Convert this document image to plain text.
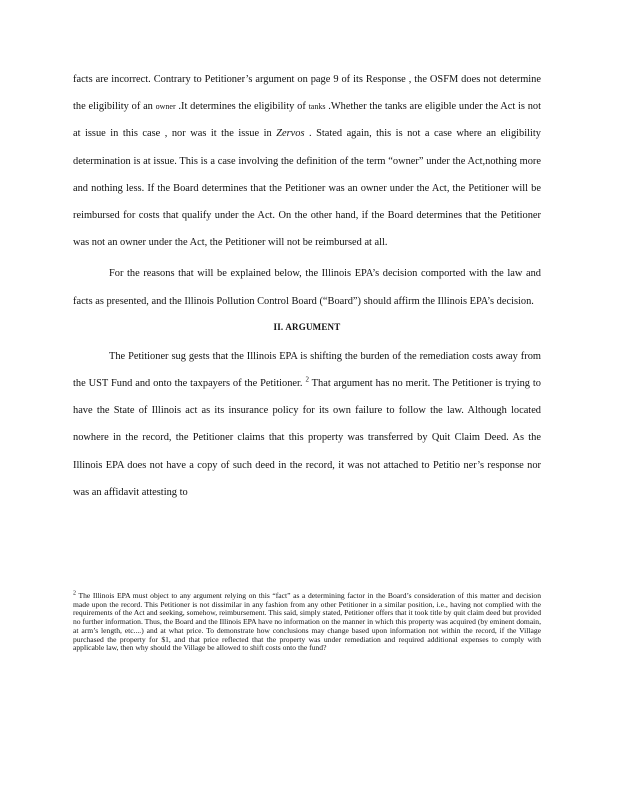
facts are incorrect. Contrary to Petitioner’s argument on page 9 of its Response , the OSFM does not determine the eligibility of an owner .It determines the eligibility of tanks .Whether the tanks are eligible under the Act is not at issue in this case , nor was it the issue in Zervos . Stated again, this is not a case where an eligibility determination is at issue. This is a case involving the definition of the term “owner” under the Act,nothing more and nothing less. If the Board determines that the Petitioner was an owner under the Act, the Petitioner will be reimbursed for costs that qualify under the Act. On the other hand, if the Board determines that the Petitioner was not an owner under the Act, the Petitioner will not be reimbursed at all.

For the reasons that will be explained below, the Illinois EPA’s decision comported with the law and facts as presented, and the Illinois Pollution Control Board (“Board”) should affirm the Illinois EPA’s decision.

II. ARGUMENT

The Petitioner sug gests that the Illinois EPA is shifting the burden of the remediation costs away from the UST Fund and onto the taxpayers of the Petitioner. $^2$ That argument has no merit. The Petitioner is trying to have the State of Illinois act as its insurance policy for its own failure to follow the law. Although located nowhere in the record, the Petitioner claims that this property was transferred by Quit Claim Deed. As the Illinois EPA does not have a copy of such deed in the record, it was not attached to Petitio ner’s response nor was an affidavit attesting to

$^2$ The Illinois EPA must object to any argument relying on this “fact” as a determining factor in the Board’s consideration of this matter and decision made upon the record. This Petitioner is not dissimilar in any fashion from any other Petitioner in a similar position, i.e., having not complied with the requirements of the Act and seeking, somehow, reimbursement. This said, simply stated, Petitioner offers that it took title by quit claim deed but provided no further information. Thus, the Board and the Illinois EPA have no information on the manner in which this property was acquired (by eminent domain, at arm’s length, etc....) and at what price. To demonstrate how conclusions may change based upon information not within the record, if the Village purchased the property for $1, and that price reflected that the property was under remediation and required additional expenses to comply with applicable law, then why should the Village be allowed to shift costs onto the fund?
